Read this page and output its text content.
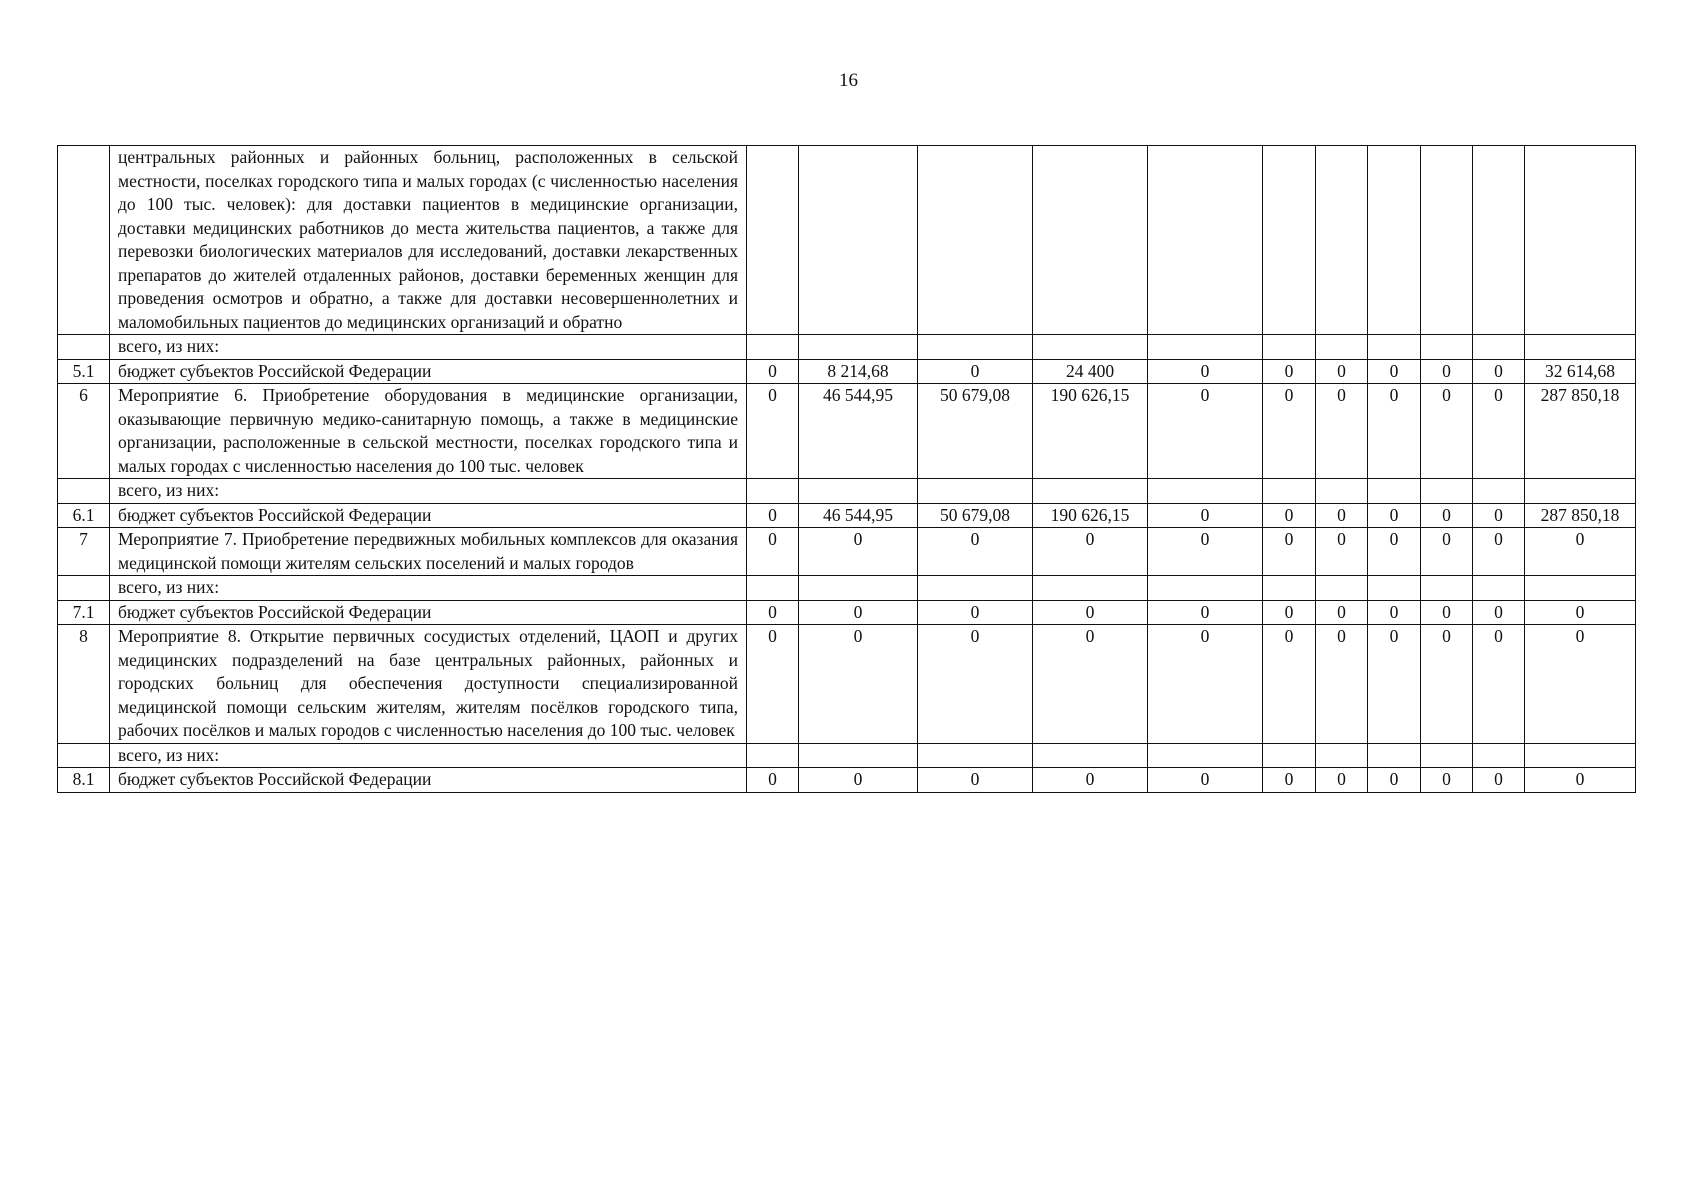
16
	центральных районных и районных больниц, расположенных в сельской местности, поселках городского типа и малых городах (с численностью населения до 100 тыс. человек): для доставки пациентов в медицинские организации, доставки медицинских работников до места жительства пациентов, а также для перевозки биологических материалов для исследований, доставки лекарственных препаратов до жителей отдаленных районов, доставки беременных женщин для проведения осмотров и обратно, а также для доставки несовершеннолетних и маломобильных пациентов до медицинских организаций и обратно											
	всего, из них:											
5.1	бюджет субъектов Российской Федерации	0	8 214,68	0	24 400	0	0	0	0	0	0	32 614,68
6	Мероприятие 6. Приобретение оборудования в медицинские организации, оказывающие первичную медико-санитарную помощь, а также в медицинские организации, расположенные в сельской местности, поселках городского типа и малых городах с численностью населения до 100 тыс. человек	0	46 544,95	50 679,08	190 626,15	0	0	0	0	0	0	287 850,18
	всего, из них:											
6.1	бюджет субъектов Российской Федерации	0	46 544,95	50 679,08	190 626,15	0	0	0	0	0	0	287 850,18
7	Мероприятие 7. Приобретение передвижных мобильных комплексов для оказания медицинской помощи жителям сельских поселений и малых городов	0	0	0	0	0	0	0	0	0	0	0
	всего, из них:											
7.1	бюджет субъектов Российской Федерации	0	0	0	0	0	0	0	0	0	0	0
8	Мероприятие 8. Открытие первичных сосудистых отделений, ЦАОП и других медицинских подразделений на базе центральных районных, районных и городских больниц для обеспечения доступности специализированной медицинской помощи сельским жителям, жителям посёлков городского типа, рабочих посёлков и малых городов с численностью населения до 100 тыс. человек	0	0	0	0	0	0	0	0	0	0	0
	всего, из них:											
8.1	бюджет субъектов Российской Федерации	0	0	0	0	0	0	0	0	0	0	0
